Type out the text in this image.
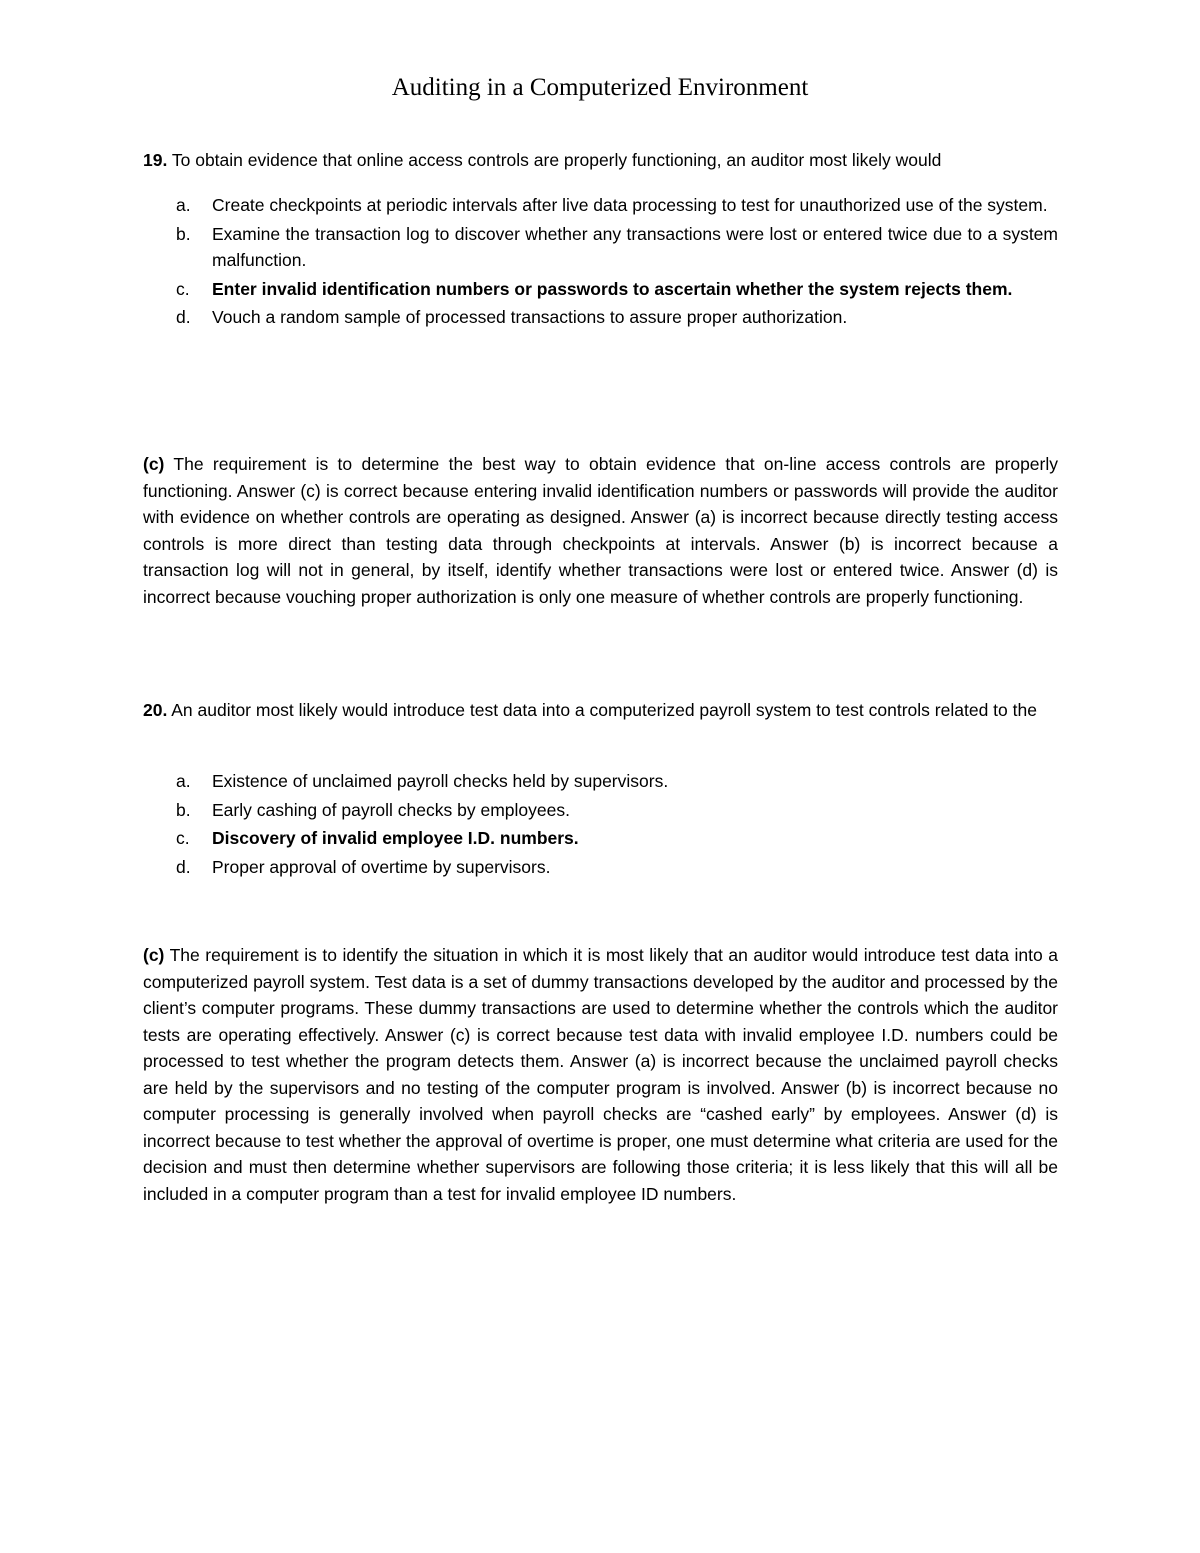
Auditing in a Computerized Environment

19. To obtain evidence that online access controls are properly functioning, an auditor most likely would

a. Create checkpoints at periodic intervals after live data processing to test for unauthorized use of the system.
b. Examine the transaction log to discover whether any transactions were lost or entered twice due to a system malfunction.
c. Enter invalid identification numbers or passwords to ascertain whether the system rejects them.
d. Vouch a random sample of processed transactions to assure proper authorization.

(c) The requirement is to determine the best way to obtain evidence that on-line access controls are properly functioning. Answer (c) is correct because entering invalid identification numbers or passwords will provide the auditor with evidence on whether controls are operating as designed. Answer (a) is incorrect because directly testing access controls is more direct than testing data through checkpoints at intervals. Answer (b) is incorrect because a transaction log will not in general, by itself, identify whether transactions were lost or entered twice. Answer (d) is incorrect because vouching proper authorization is only one measure of whether controls are properly functioning.

20. An auditor most likely would introduce test data into a computerized payroll system to test controls related to the

a. Existence of unclaimed payroll checks held by supervisors.
b. Early cashing of payroll checks by employees.
c. Discovery of invalid employee I.D. numbers.
d. Proper approval of overtime by supervisors.

(c) The requirement is to identify the situation in which it is most likely that an auditor would introduce test data into a computerized payroll system. Test data is a set of dummy transactions developed by the auditor and processed by the client’s computer programs. These dummy transactions are used to determine whether the controls which the auditor tests are operating effectively. Answer (c) is correct because test data with invalid employee I.D. numbers could be processed to test whether the program detects them. Answer (a) is incorrect because the unclaimed payroll checks are held by the supervisors and no testing of the computer program is involved. Answer (b) is incorrect because no computer processing is generally involved when payroll checks are “cashed early” by employees. Answer (d) is incorrect because to test whether the approval of overtime is proper, one must determine what criteria are used for the decision and must then determine whether supervisors are following those criteria; it is less likely that this will all be included in a computer program than a test for invalid employee ID numbers.
